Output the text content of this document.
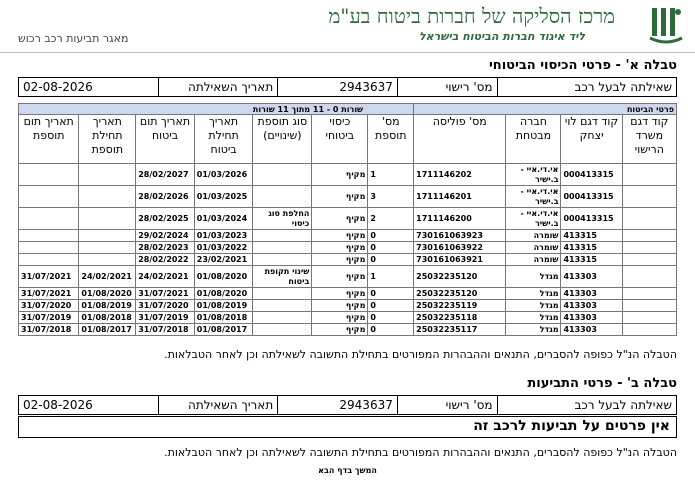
מרכז הסליקה של חברות ביטוח בע"מ
ליד איגוד חברות הביטוח בישראל
מאגר תביעות רכב רכוש
טבלה א' - פרטי הכיסוי הביטוחי
שאילתה לבעל רכב
מס' רישוי
2943637
תאריך השאילתה
02-08-2026
פרטי הביטוח				שורות 0 - 11 מתוך 11 שורות						
קוד דגם משרד הרישוי	קוד דגם לוי יצחק	חברה מבטחת	מס' פוליסה	מס' תוספת	כיסוי ביטוחי	סוג תוספת (שינויים)	תאריך תחילת ביטוח	תאריך תום ביטוח	תאריך תחילת תוספת	תאריך תום תוספת
	000413315	אי.די.איי - ב.ישיר	1711146202	1	מקיף		01/03/2026	28/02/2027		
	000413315	אי.די.איי - ב.ישיר	1711146201	3	מקיף		01/03/2025	28/02/2026		
	000413315	אי.די.איי - ב.ישיר	1711146200	2	מקיף	החלפת סוג כיסוי	01/03/2024	28/02/2025		
	413315	שומרה	730161063923	0	מקיף		01/03/2023	29/02/2024		
	413315	שומרה	730161063922	0	מקיף		01/03/2022	28/02/2023		
	413315	שומרה	730161063921	0	מקיף		23/02/2021	28/02/2022		
	413303	מגדל	25032235120	1	מקיף	שינוי תקופת ביטוח	01/08/2020	24/02/2021	24/02/2021	31/07/2021
	413303	מגדל	25032235120	0	מקיף		01/08/2020	31/07/2021	01/08/2020	31/07/2021
	413303	מגדל	25032235119	0	מקיף		01/08/2019	31/07/2020	01/08/2019	31/07/2020
	413303	מגדל	25032235118	0	מקיף		01/08/2018	31/07/2019	01/08/2018	31/07/2019
	413303	מגדל	25032235117	0	מקיף		01/08/2017	31/07/2018	01/08/2017	31/07/2018
הטבלה הנ"ל כפופה להסברים, התנאים וההבהרות המפורטים בתחילת התשובה לשאילתה וכן לאחר הטבלאות.
טבלה ב' - פרטי התביעות
שאילתה לבעל רכב
מס' רישוי
2943637
תאריך השאילתה
02-08-2026
אין פרטים על תביעות לרכב זה
הטבלה הנ"ל כפופה להסברים, התנאים וההבהרות המפורטים בתחילת התשובה לשאילתה וכן לאחר הטבלאות.
המשך בדף הבא
